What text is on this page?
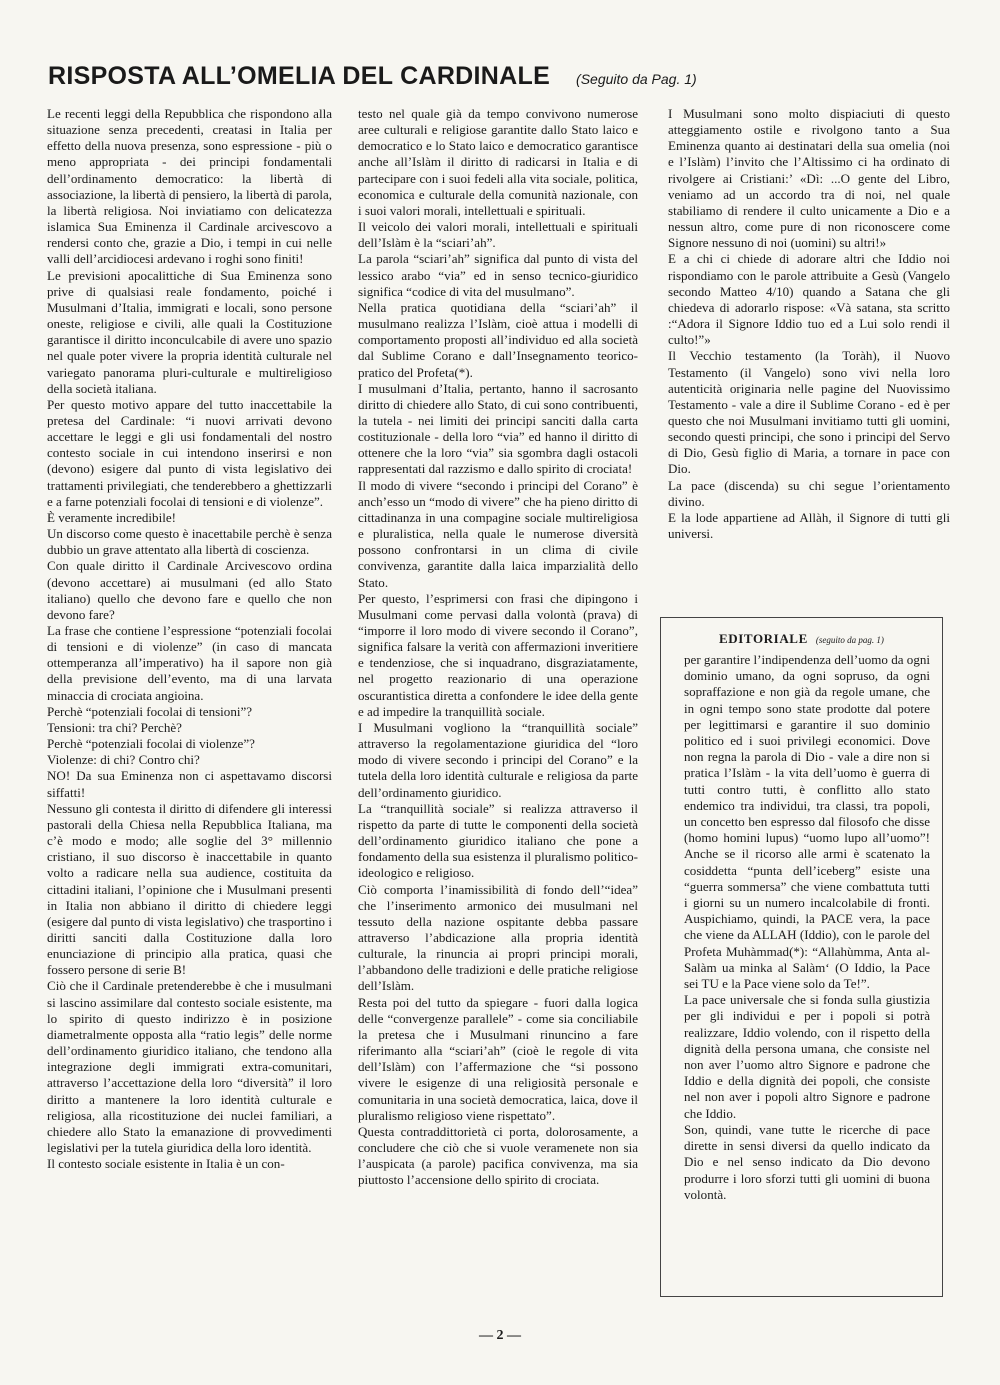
RISPOSTA ALL’OMELIA DEL CARDINALE (Seguito da Pag. 1)

Le recenti leggi della Repubblica che rispondono alla situazione senza precedenti, creatasi in Italia per effetto della nuova presenza, sono espressione - più o meno appropriata - dei principi fondamentali dell’ordinamento democratico: la libertà di associazione, la libertà di pensiero, la libertà di parola, la libertà religiosa. Noi inviatiamo con delicatezza islamica Sua Eminenza il Cardinale arcivescovo a rendersi conto che, grazie a Dio, i tempi in cui nelle valli dell’arcidiocesi ardevano i roghi sono finiti!

Le previsioni apocalittiche di Sua Eminenza sono prive di qualsiasi reale fondamento, poiché i Musulmani d’Italia, immigrati e locali, sono persone oneste, religiose e civili, alle quali la Costituzione garantisce il diritto inconculcabile di avere uno spazio nel quale poter vivere la propria identità culturale nel variegato panorama pluri-culturale e multireligioso della società italiana.

Per questo motivo appare del tutto inaccettabile la pretesa del Cardinale: “i nuovi arrivati devono accettare le leggi e gli usi fondamentali del nostro contesto sociale in cui intendono inserirsi e non (devono) esigere dal punto di vista legislativo dei trattamenti privilegiati, che tenderebbero a ghettizzarli e a farne potenziali focolai di tensioni e di violenze”.

È veramente incredibile!

Un discorso come questo è inacettabile perchè è senza dubbio un grave attentato alla libertà di coscienza.

Con quale diritto il Cardinale Arcivescovo ordina (devono accettare) ai musulmani (ed allo Stato italiano) quello che devono fare e quello che non devono fare?

La frase che contiene l’espressione “potenziali focolai di tensioni e di violenze” (in caso di mancata ottemperanza all’imperativo) ha il sapore non già della previsione dell’evento, ma di una larvata minaccia di crociata angioina.

Perchè “potenziali focolai di tensioni”?

Tensioni: tra chi? Perchè?

Perchè “potenziali focolai di violenze”?

Violenze: di chi? Contro chi?

NO! Da sua Eminenza non ci aspettavamo discorsi siffatti!

Nessuno gli contesta il diritto di difendere gli interessi pastorali della Chiesa nella Repubblica Italiana, ma c’è modo e modo; alle soglie del 3° millennio cristiano, il suo discorso è inaccettabile in quanto volto a radicare nella sua audience, costituita da cittadini italiani, l’opinione che i Musulmani presenti in Italia non abbiano il diritto di chiedere leggi (esigere dal punto di vista legislativo) che trasportino i diritti sanciti dalla Costituzione dalla loro enunciazione di principio alla pratica, quasi che fossero persone di serie B!

Ciò che il Cardinale pretenderebbe è che i musulmani si lascino assimilare dal contesto sociale esistente, ma lo spirito di questo indirizzo è in posizione diametralmente opposta alla “ratio legis” delle norme dell’ordinamento giuridico italiano, che tendono alla integrazione degli immigrati extra-comunitari, attraverso l’accettazione della loro “diversità” il loro diritto a mantenere la loro identità culturale e religiosa, alla ricostituzione dei nuclei familiari, a chiedere allo Stato la emanazione di provvedimenti legislativi per la tutela giuridica della loro identità.

Il contesto sociale esistente in Italia è un con-

testo nel quale già da tempo convivono numerose aree culturali e religiose garantite dallo Stato laico e democratico e lo Stato laico e democratico garantisce anche all’Islàm il diritto di radicarsi in Italia e di partecipare con i suoi fedeli alla vita sociale, politica, economica e culturale della comunità nazionale, con i suoi valori morali, intellettuali e spirituali.

Il veicolo dei valori morali, intellettuali e spirituali dell’Islàm è la “sciari’ah”.

La parola “sciari’ah” significa dal punto di vista del lessico arabo “via” ed in senso tecnico-giuridico significa “codice di vita del musulmano”.

Nella pratica quotidiana della “sciari’ah” il musulmano realizza l’Islàm, cioè attua i modelli di comportamento proposti all’individuo ed alla società dal Sublime Corano e dall’Insegnamento teorico-pratico del Profeta(*).

I musulmani d’Italia, pertanto, hanno il sacrosanto diritto di chiedere allo Stato, di cui sono contribuenti, la tutela - nei limiti dei principi sanciti dalla carta costituzionale - della loro “via” ed hanno il diritto di ottenere che la loro “via” sia sgombra dagli ostacoli rappresentati dal razzismo e dallo spirito di crociata!

Il modo di vivere “secondo i principi del Corano” è anch’esso un “modo di vivere” che ha pieno diritto di cittadinanza in una compagine sociale multireligiosa e pluralistica, nella quale le numerose diversità possono confrontarsi in un clima di civile convivenza, garantite dalla laica imparzialità dello Stato.

Per questo, l’esprimersi con frasi che dipingono i Musulmani come pervasi dalla volontà (prava) di “imporre il loro modo di vivere secondo il Corano”, significa falsare la verità con affermazioni inveritiere e tendenziose, che si inquadrano, disgraziatamente, nel progetto reazionario di una operazione oscurantistica diretta a confondere le idee della gente e ad impedire la tranquillità sociale.

I Musulmani vogliono la “tranquillità sociale” attraverso la regolamentazione giuridica del “loro modo di vivere secondo i principi del Corano” e la tutela della loro identità culturale e religiosa da parte dell’ordinamento giuridico.

La “tranquillità sociale” si realizza attraverso il rispetto da parte di tutte le componenti della società dell’ordinamento giuridico italiano che pone a fondamento della sua esistenza il pluralismo politico-ideologico e religioso.

Ciò comporta l’inamissibilità di fondo dell’“idea” che l’inserimento armonico dei musulmani nel tessuto della nazione ospitante debba passare attraverso l’abdicazione alla propria identità culturale, la rinuncia ai propri principi morali, l’abbandono delle tradizioni e delle pratiche religiose dell’Islàm.

Resta poi del tutto da spiegare - fuori dalla logica delle “convergenze parallele” - come sia conciliabile la pretesa che i Musulmani rinuncino a fare riferimanto alla “sciari’ah” (cioè le regole di vita dell’Islàm) con l’affermazione che “si possono vivere le esigenze di una religiosità personale e comunitaria in una società democratica, laica, dove il pluralismo religioso viene rispettato”.

Questa contraddittorietà ci porta, dolorosamente, a concludere che ciò che si vuole veramenete non sia l’auspicata (a parole) pacifica convivenza, ma sia piuttosto l’accensione dello spirito di crociata.

I Musulmani sono molto dispiaciuti di questo atteggiamento ostile e rivolgono tanto a Sua Eminenza quanto ai destinatari della sua omelia (noi e l’Islàm) l’invito che l’Altissimo ci ha ordinato di rivolgere ai Cristiani:’ «Dì: ...O gente del Libro, veniamo ad un accordo tra di noi, nel quale stabiliamo di rendere il culto unicamente a Dio e a nessun altro, come pure di non riconoscere come Signore nessuno di noi (uomini) su altri!»

E a chi ci chiede di adorare altri che Iddio noi rispondiamo con le parole attribuite a Gesù (Vangelo secondo Matteo 4/10) quando a Satana che gli chiedeva di adorarlo rispose: «Và satana, sta scritto :“Adora il Signore Iddio tuo ed a Lui solo rendi il culto!”»

Il Vecchio testamento (la Toràh), il Nuovo Testamento (il Vangelo) sono vivi nella loro autenticità originaria nelle pagine del Nuovissimo Testamento - vale a dire il Sublime Corano - ed è per questo che noi Musulmani invitiamo tutti gli uomini, secondo questi principi, che sono i principi del Servo di Dio, Gesù figlio di Maria, a tornare in pace con Dio.

La pace (discenda) su chi segue l’orientamento divino.

E la lode appartiene ad Allàh, il Signore di tutti gli universi.

EDITORIALE (seguito da pag. 1)

per garantire l’indipendenza dell’uomo da ogni dominio umano, da ogni sopruso, da ogni sopraffazione e non già da regole umane, che in ogni tempo sono state prodotte dal potere per legittimarsi e garantire il suo dominio politico ed i suoi privilegi economici. Dove non regna la parola di Dio - vale a dire non si pratica l’Islàm - la vita dell’uomo è guerra di tutti contro tutti, è conflitto allo stato endemico tra individui, tra classi, tra popoli, un concetto ben espresso dal filosofo che disse (homo homini lupus) “uomo lupo all’uomo”! Anche se il ricorso alle armi è scatenato la cosiddetta “punta dell’iceberg” esiste una “guerra sommersa” che viene combattuta tutti i giorni su un numero incalcolabile di fronti. Auspichiamo, quindi, la PACE vera, la pace che viene da ALLAH (Iddio), con le parole del Profeta Muhàmmad(*): “Allahùmma, Anta al-Salàm ua minka al Salàm‘ (O Iddio, la Pace sei TU e la Pace viene solo da Te!”.

La pace universale che si fonda sulla giustizia per gli individui e per i popoli si potrà realizzare, Iddio volendo, con il rispetto della dignità della persona umana, che consiste nel non aver l’uomo altro Signore e padrone che Iddio e della dignità dei popoli, che consiste nel non aver i popoli altro Signore e padrone che Iddio.

Son, quindi, vane tutte le ricerche di pace dirette in sensi diversi da quello indicato da Dio e nel senso indicato da Dio devono produrre i loro sforzi tutti gli uomini di buona volontà.

— 2 —
